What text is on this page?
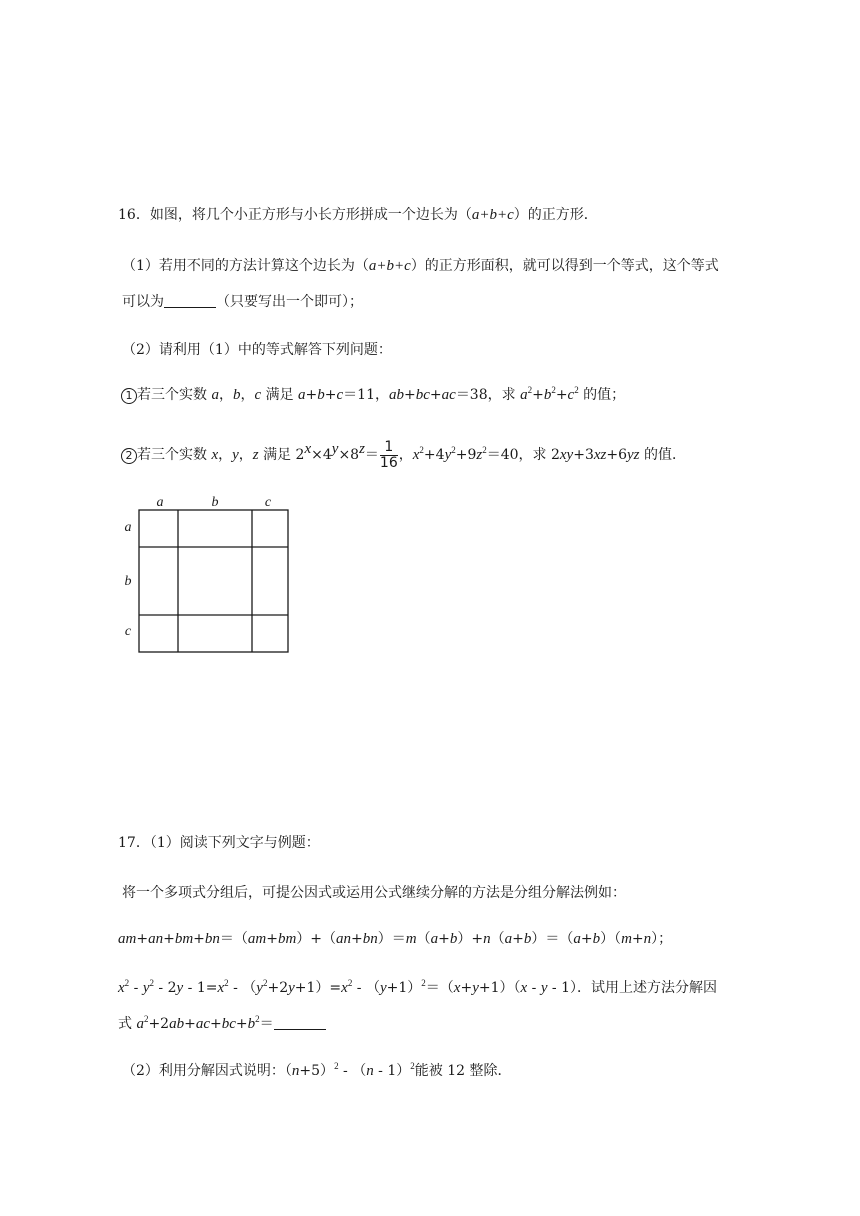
16．如图，将几个小正方形与小长方形拼成一个边长为（a+b+c）的正方形．
（1）若用不同的方法计算这个边长为（a+b+c）的正方形面积，就可以得到一个等式，这个等式
可以为	（只要写出一个即可）；
（2）请利用（1）中的等式解答下列问题：
1 若三个实数 a，b，c 满足 a+b+c＝11，ab+bc+ac＝38，求 $a^2+b^2+c^2$ 的值；
2 若三个实数 x，y，z 满足 $2^x\times 4^y\times 8^z= \frac{1}{16}$ ，$x^2+4y^2+9z^2=40$，求 2xy+3xz+6yz 的值．
a	b	c
a
b
c
17．（1）阅读下列文字与例题：
将一个多项式分组后，可提公因式或运用公式继续分解的方法是分组分解法例如：
am+an+bm+bn＝（am+bm）+（an+bn）＝m（a+b）+n（a+b）＝（a+b）（m+n）；
$x^2 - y^2 - 2y - 1=x^2 - (y^2+2y+1)=x^2 - (y+1)^2=(x+y+1)(x - y - 1)$．试用上述方法分解因
式 $a^2+2ab+ac+bc+b^2=$
（2）利用分解因式说明：$(n+5)^2 - (n - 1)^2$能被 12 整除．
